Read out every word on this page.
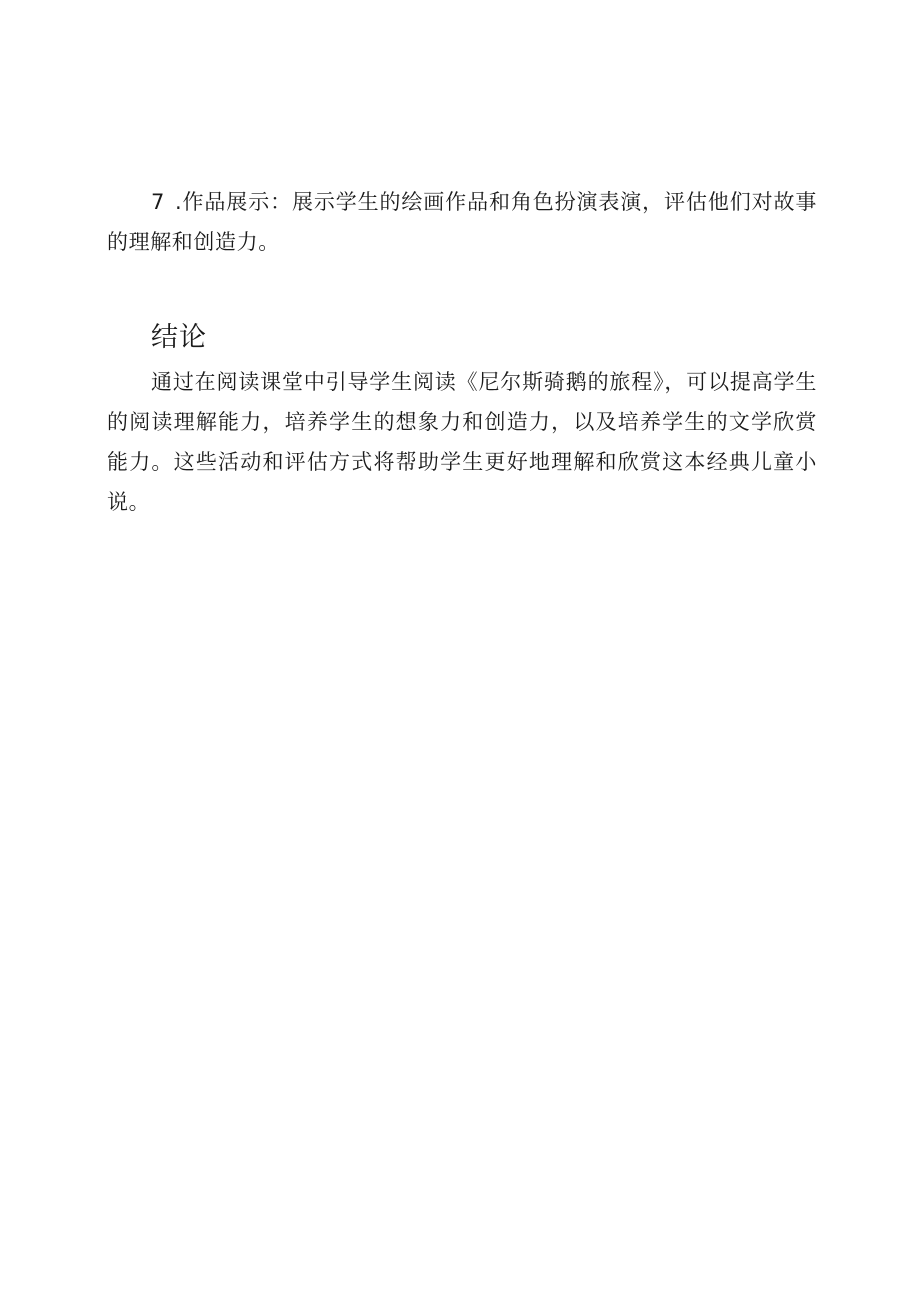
7 .作品展示：展示学生的绘画作品和角色扮演表演，评估他们对故事的理解和创造力。

结论

通过在阅读课堂中引导学生阅读《尼尔斯骑鹅的旅程》，可以提高学生的阅读理解能力，培养学生的想象力和创造力，以及培养学生的文学欣赏能力。这些活动和评估方式将帮助学生更好地理解和欣赏这本经典儿童小说。
